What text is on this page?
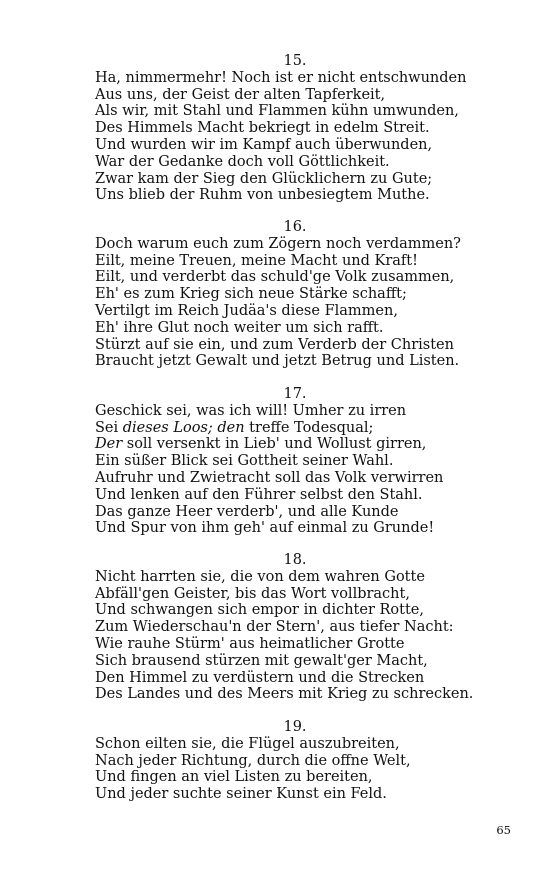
15.
Ha, nimmermehr! Noch ist er nicht entschwunden
Aus uns, der Geist der alten Tapferkeit,
Als wir, mit Stahl und Flammen kühn umwunden,
Des Himmels Macht bekriegt in edelm Streit.
Und wurden wir im Kampf auch überwunden,
War der Gedanke doch voll Göttlichkeit.
Zwar kam der Sieg den Glücklichern zu Gute;
Uns blieb der Ruhm von unbesiegtem Muthe.
16.
Doch warum euch zum Zögern noch verdammen?
Eilt, meine Treuen, meine Macht und Kraft!
Eilt, und verderbt das schuld'ge Volk zusammen,
Eh' es zum Krieg sich neue Stärke schafft;
Vertilgt im Reich Judäa's diese Flammen,
Eh' ihre Glut noch weiter um sich rafft.
Stürzt auf sie ein, und zum Verderb der Christen
Braucht jetzt Gewalt und jetzt Betrug und Listen.
17.
Geschick sei, was ich will! Umher zu irren
Sei dieses Loos; den treffe Todesqual;
Der soll versenkt in Lieb' und Wollust girren,
Ein süßer Blick sei Gottheit seiner Wahl.
Aufruhr und Zwietracht soll das Volk verwirren
Und lenken auf den Führer selbst den Stahl.
Das ganze Heer verderb', und alle Kunde
Und Spur von ihm geh' auf einmal zu Grunde!
18.
Nicht harrten sie, die von dem wahren Gotte
Abfäll'gen Geister, bis das Wort vollbracht,
Und schwangen sich empor in dichter Rotte,
Zum Wiederschau'n der Stern', aus tiefer Nacht:
Wie rauhe Stürm' aus heimatlicher Grotte
Sich brausend stürzen mit gewalt'ger Macht,
Den Himmel zu verdüstern und die Strecken
Des Landes und des Meers mit Krieg zu schrecken.
19.
Schon eilten sie, die Flügel auszubreiten,
Nach jeder Richtung, durch die offne Welt,
Und fingen an viel Listen zu bereiten,
Und jeder suchte seiner Kunst ein Feld.
65
